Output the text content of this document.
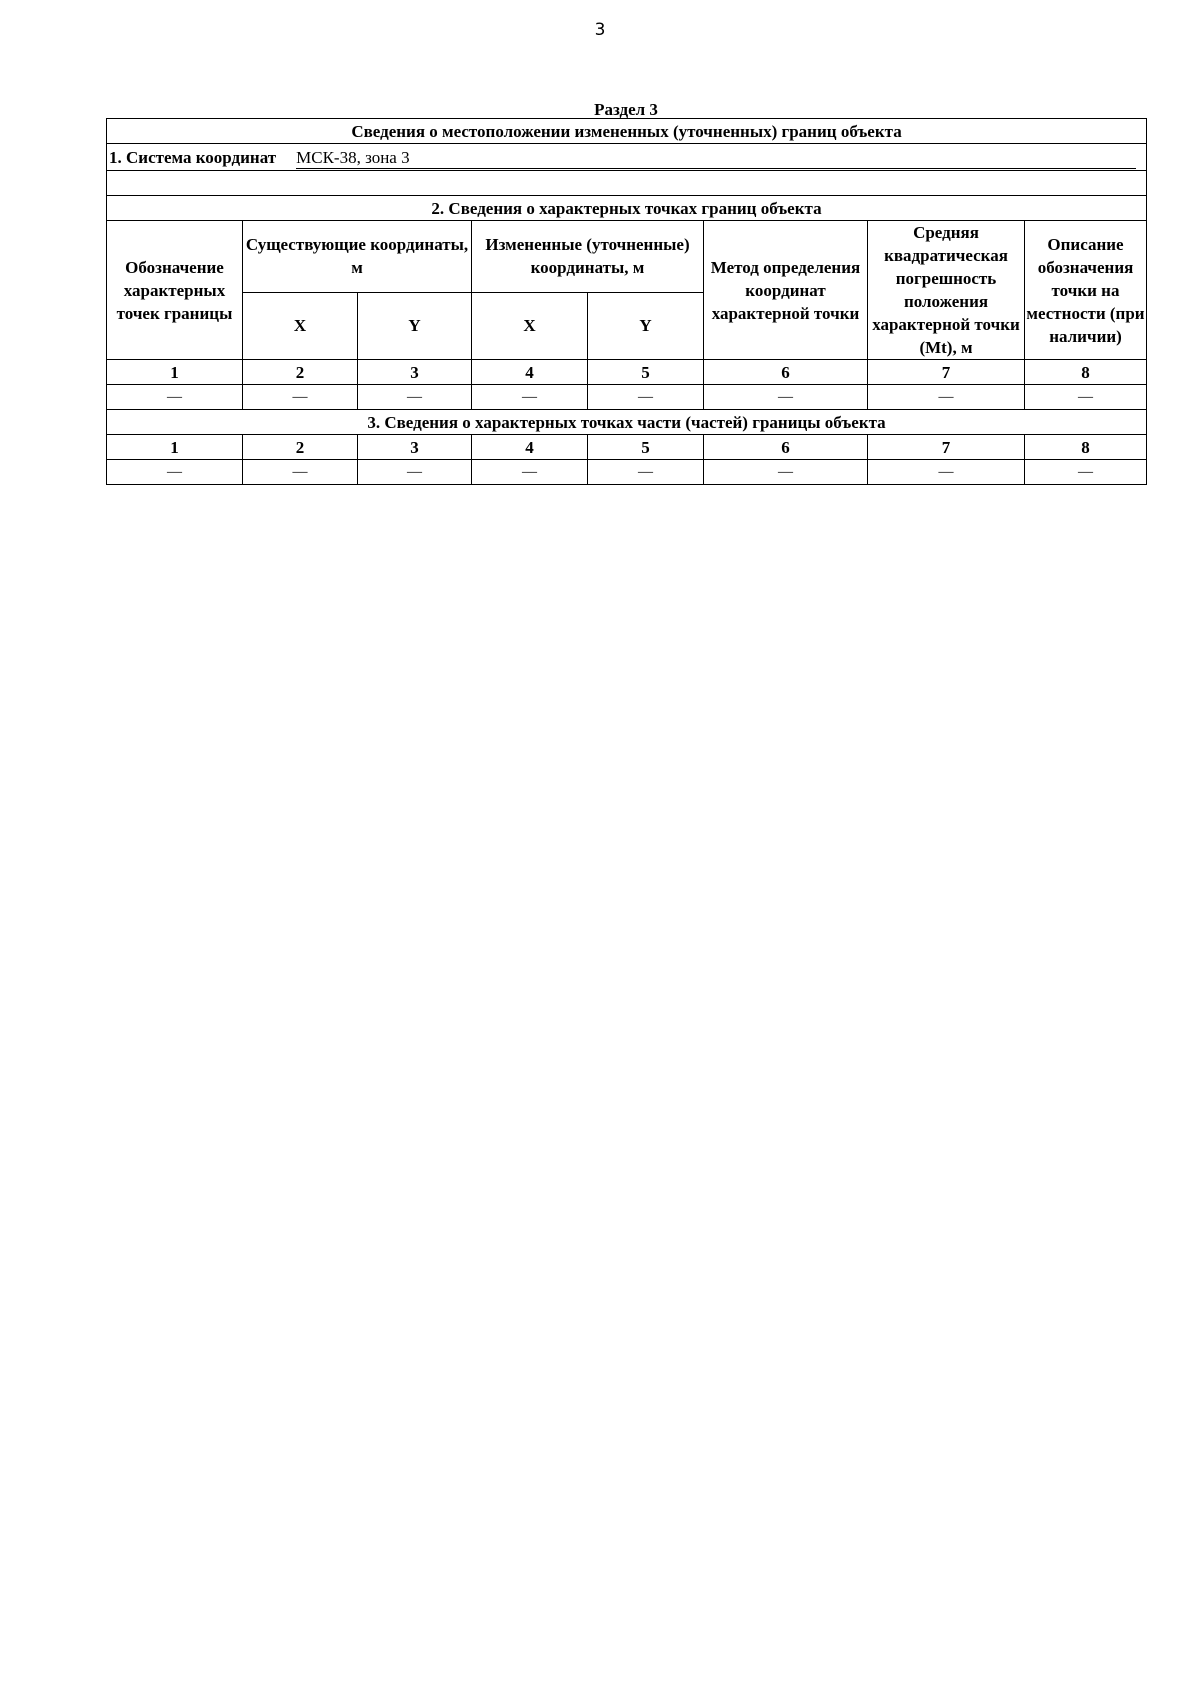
3
Раздел 3
Сведения о местоположении измененных (уточненных) границ объекта							

1. Система координат МСК-38, зона 3							

2. Сведения о характерных точках границ объекта							
Обозначение характерных точек границы	Существующие координаты, м		Измененные (уточненные) координаты, м		Метод определения координат характерной точки	Средняя квадратическая погрешность положения характерной точки (Mt), м	Описание обозначения точки на местности (при наличии)
	X	Y	X	Y			
1	2	3	4	5	6	7	8
—	—	—	—	—	—	—	—
3. Сведения о характерных точках части (частей) границы объекта							
1	2	3	4	5	6	7	8
—	—	—	—	—	—	—	—
